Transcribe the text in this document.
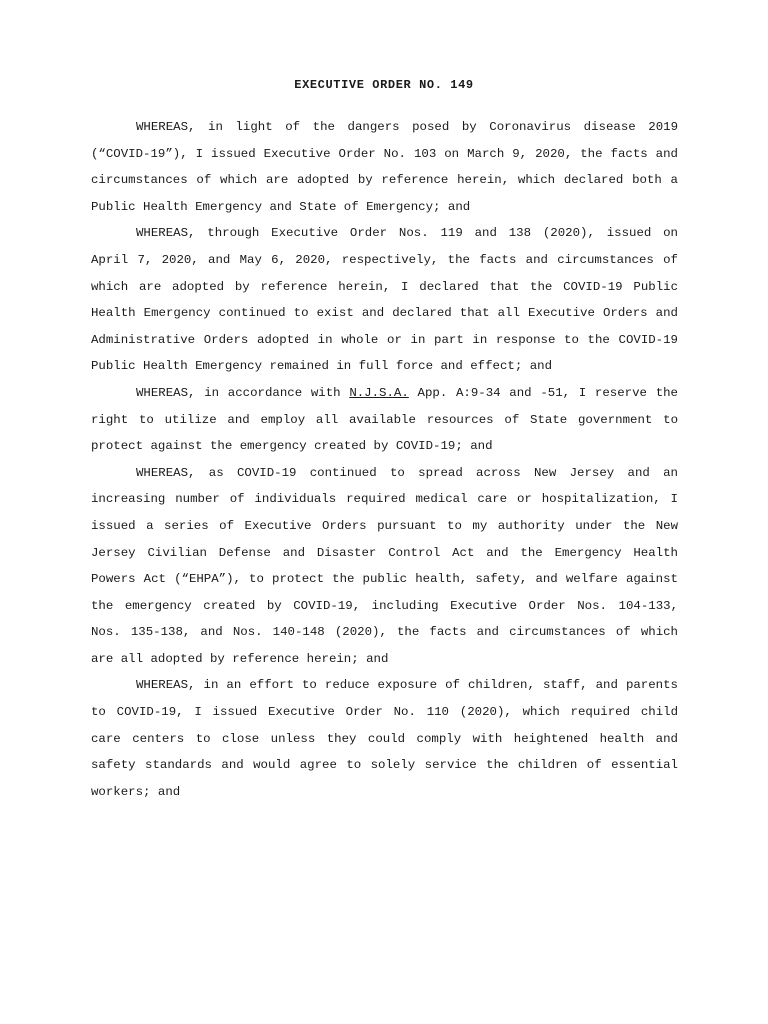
EXECUTIVE ORDER NO. 149

WHEREAS, in light of the dangers posed by Coronavirus disease 2019 (“COVID-19”), I issued Executive Order No. 103 on March 9, 2020, the facts and circumstances of which are adopted by reference herein, which declared both a Public Health Emergency and State of Emergency; and

WHEREAS, through Executive Order Nos. 119 and 138 (2020), issued on April 7, 2020, and May 6, 2020, respectively, the facts and circumstances of which are adopted by reference herein, I declared that the COVID-19 Public Health Emergency continued to exist and declared that all Executive Orders and Administrative Orders adopted in whole or in part in response to the COVID-19 Public Health Emergency remained in full force and effect; and

WHEREAS, in accordance with N.J.S.A. App. A:9-34 and -51, I reserve the right to utilize and employ all available resources of State government to protect against the emergency created by COVID-19; and

WHEREAS, as COVID-19 continued to spread across New Jersey and an increasing number of individuals required medical care or hospitalization, I issued a series of Executive Orders pursuant to my authority under the New Jersey Civilian Defense and Disaster Control Act and the Emergency Health Powers Act (“EHPA”), to protect the public health, safety, and welfare against the emergency created by COVID-19, including Executive Order Nos. 104-133, Nos. 135-138, and Nos. 140-148 (2020), the facts and circumstances of which are all adopted by reference herein; and

WHEREAS, in an effort to reduce exposure of children, staff, and parents to COVID-19, I issued Executive Order No. 110 (2020), which required child care centers to close unless they could comply with heightened health and safety standards and would agree to solely service the children of essential workers; and
